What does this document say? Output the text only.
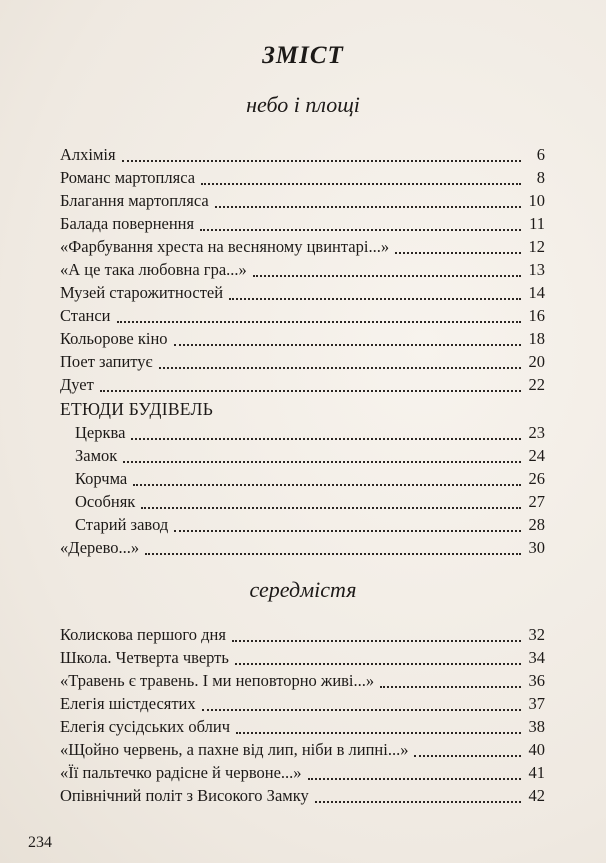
ЗМІСТ
небо і площі
Алхімія	6
Романс мартопляса	8
Благання мартопляса	10
Балада повернення	11
«Фарбування хреста на весняному цвинтарі...»	12
«А це така любовна гра...»	13
Музей старожитностей	14
Станси	16
Кольорове кіно	18
Поет запитує	20
Дует	22
ЕТЮДИ БУДІВЕЛЬ
Церква	23
Замок	24
Корчма	26
Особняк	27
Старий завод	28
«Дерево...»	30
середмістя
Колискова першого дня	32
Школа. Четверта чверть	34
«Травень є травень. І ми неповторно живі...»	36
Елегія шістдесятих	37
Елегія сусідських облич	38
«Щойно червень, а пахне від лип, ніби в липні...»	40
«Її пальтечко радісне й червоне...»	41
Опівнічний політ з Високого Замку	42
234
